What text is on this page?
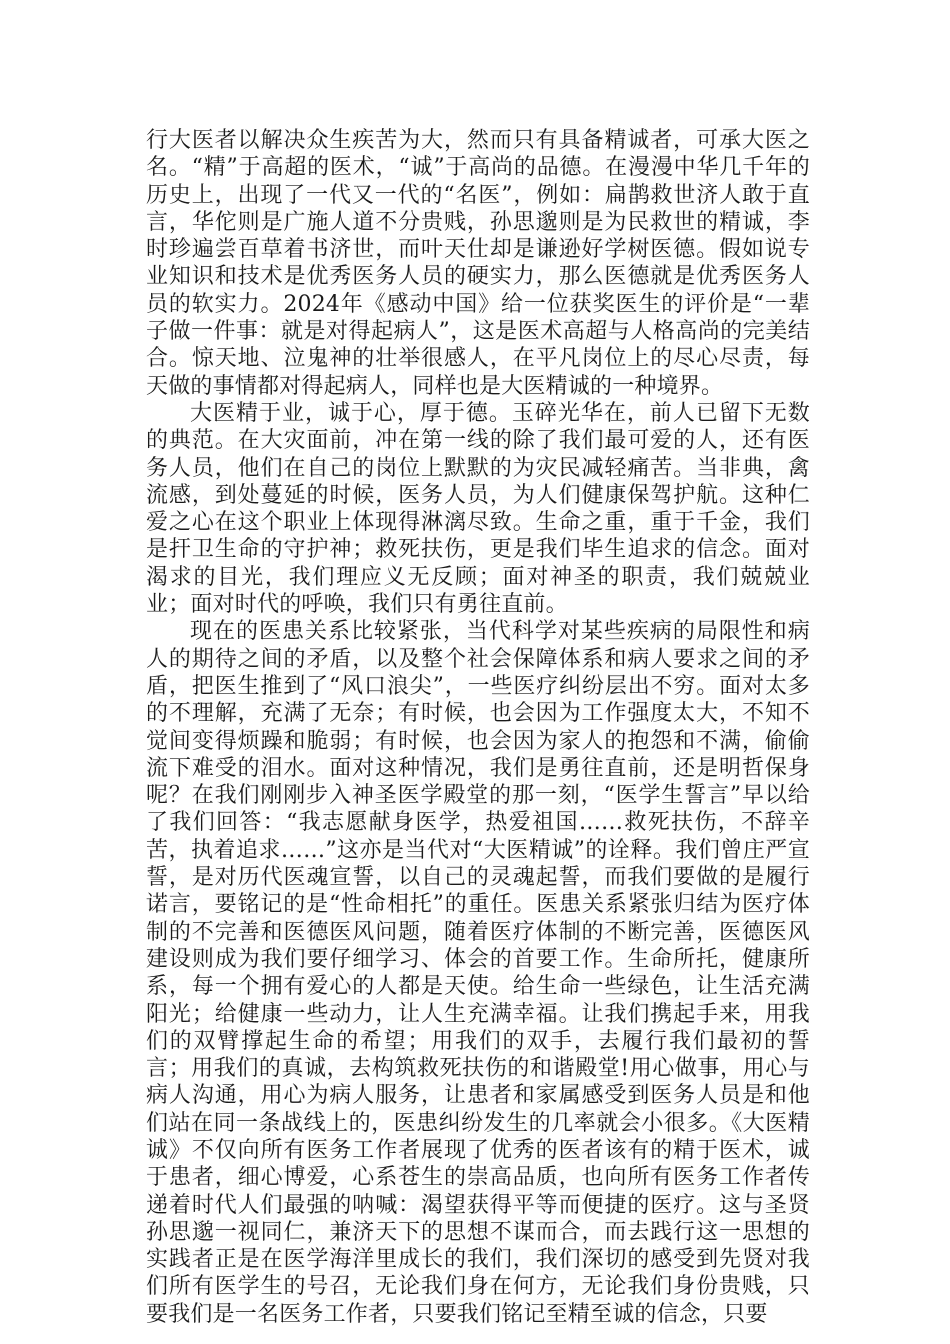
行大医者以解决众生疾苦为大，然而只有具备精诚者，可承大医之名。“精”于高超的医术，“诚”于高尚的品德。在漫漫中华几千年的历史上，出现了一代又一代的“名医”，例如：扁鹊救世济人敢于直言，华佗则是广施人道不分贵贱，孙思邈则是为民救世的精诚，李时珍遍尝百草着书济世，而叶天仕却是谦逊好学树医德。假如说专业知识和技术是优秀医务人员的硬实力，那么医德就是优秀医务人员的软实力。2024年《感动中国》给一位获奖医生的评价是“一辈子做一件事：就是对得起病人”，这是医术高超与人格高尚的完美结合。惊天地、泣鬼神的壮举很感人，在平凡岗位上的尽心尽责，每天做的事情都对得起病人，同样也是大医精诚的一种境界。

大医精于业，诚于心，厚于德。玉碎光华在，前人已留下无数的典范。在大灾面前，冲在第一线的除了我们最可爱的人，还有医务人员，他们在自己的岗位上默默的为灾民减轻痛苦。当非典，禽流感，到处蔓延的时候，医务人员，为人们健康保驾护航。这种仁爱之心在这个职业上体现得淋漓尽致。生命之重，重于千金，我们是扞卫生命的守护神；救死扶伤，更是我们毕生追求的信念。面对渴求的目光，我们理应义无反顾；面对神圣的职责，我们兢兢业业；面对时代的呼唤，我们只有勇往直前。

现在的医患关系比较紧张，当代科学对某些疾病的局限性和病人的期待之间的矛盾，以及整个社会保障体系和病人要求之间的矛盾，把医生推到了“风口浪尖”，一些医疗纠纷层出不穷。面对太多的不理解，充满了无奈；有时候，也会因为工作强度太大，不知不觉间变得烦躁和脆弱；有时候，也会因为家人的抱怨和不满，偷偷流下难受的泪水。面对这种情况，我们是勇往直前，还是明哲保身呢？在我们刚刚步入神圣医学殿堂的那一刻，“医学生誓言”早以给了我们回答：“我志愿献身医学，热爱祖国……救死扶伤，不辞辛苦，执着追求……”这亦是当代对“大医精诚”的诠释。我们曾庄严宣誓，是对历代医魂宣誓，以自己的灵魂起誓，而我们要做的是履行诺言，要铭记的是“性命相托”的重任。医患关系紧张归结为医疗体制的不完善和医德医风问题，随着医疗体制的不断完善，医德医风建设则成为我们要仔细学习、体会的首要工作。生命所托，健康所系，每一个拥有爱心的人都是天使。给生命一些绿色，让生活充满阳光；给健康一些动力，让人生充满幸福。让我们携起手来，用我们的双臂撑起生命的希望；用我们的双手，去履行我们最初的誓言；用我们的真诚，去构筑救死扶伤的和谐殿堂!用心做事，用心与病人沟通，用心为病人服务，让患者和家属感受到医务人员是和他们站在同一条战线上的，医患纠纷发生的几率就会小很多。《大医精诚》不仅向所有医务工作者展现了优秀的医者该有的精于医术，诚于患者，细心博爱，心系苍生的崇高品质，也向所有医务工作者传递着时代人们最强的呐喊：渴望获得平等而便捷的医疗。这与圣贤孙思邈一视同仁，兼济天下的思想不谋而合，而去践行这一思想的实践者正是在医学海洋里成长的我们，我们深切的感受到先贤对我们所有医学生的号召，无论我们身在何方，无论我们身份贵贱，只要我们是一名医务工作者，只要我们铭记至精至诚的信念，只要
